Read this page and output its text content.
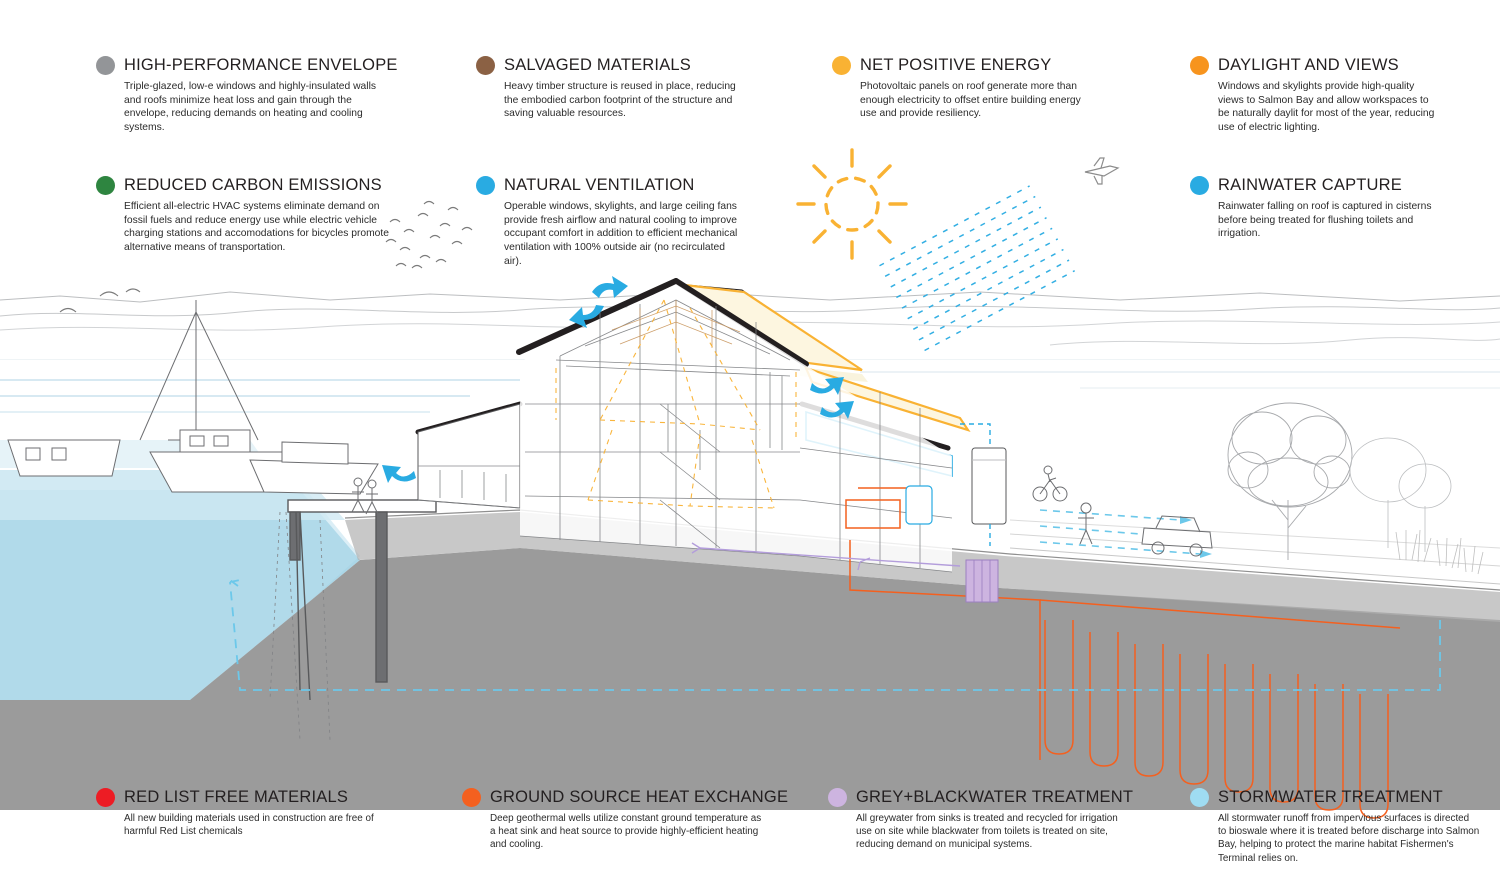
HIGH-PERFORMANCE ENVELOPE
Triple-glazed, low-e windows and highly-insulated walls and roofs minimize heat loss and gain through the envelope, reducing demands on heating and cooling systems.
SALVAGED MATERIALS
Heavy timber structure is reused in place, reducing the embodied carbon footprint of the structure and saving valuable resources.
NET POSITIVE ENERGY
Photovoltaic panels on roof generate more than enough electricity to offset entire building energy use and provide resiliency.
DAYLIGHT AND VIEWS
Windows and skylights provide high-quality views to Salmon Bay and allow workspaces to be naturally daylit for most of the year, reducing use of electric lighting.
REDUCED CARBON EMISSIONS
Efficient all-electric HVAC systems eliminate demand on fossil fuels and reduce energy use while electric vehicle charging stations and accomodations for bicycles promote alternative means of transportation.
NATURAL VENTILATION
Operable windows, skylights, and large ceiling fans provide fresh airflow and natural cooling to improve occupant comfort in addition to efficient mechanical ventilation with 100% outside air (no recirculated air).
RAINWATER CAPTURE
Rainwater falling on roof is captured in cisterns before being treated for flushing toilets and irrigation.
RED LIST FREE MATERIALS
All new building materials used in construction are free of harmful Red List chemicals
GROUND SOURCE HEAT EXCHANGE
Deep geothermal wells utilize constant ground temperature as a heat sink and heat source to provide highly-efficient heating and cooling.
GREY+BLACKWATER TREATMENT
All greywater from sinks is treated and recycled for irrigation use on site while blackwater from toilets is treated on site, reducing demand on municipal systems.
STORMWATER TREATMENT
All stormwater runoff from impervious surfaces is directed to bioswale where it is treated before discharge into Salmon Bay, helping to protect the marine habitat Fishermen's Terminal relies on.
